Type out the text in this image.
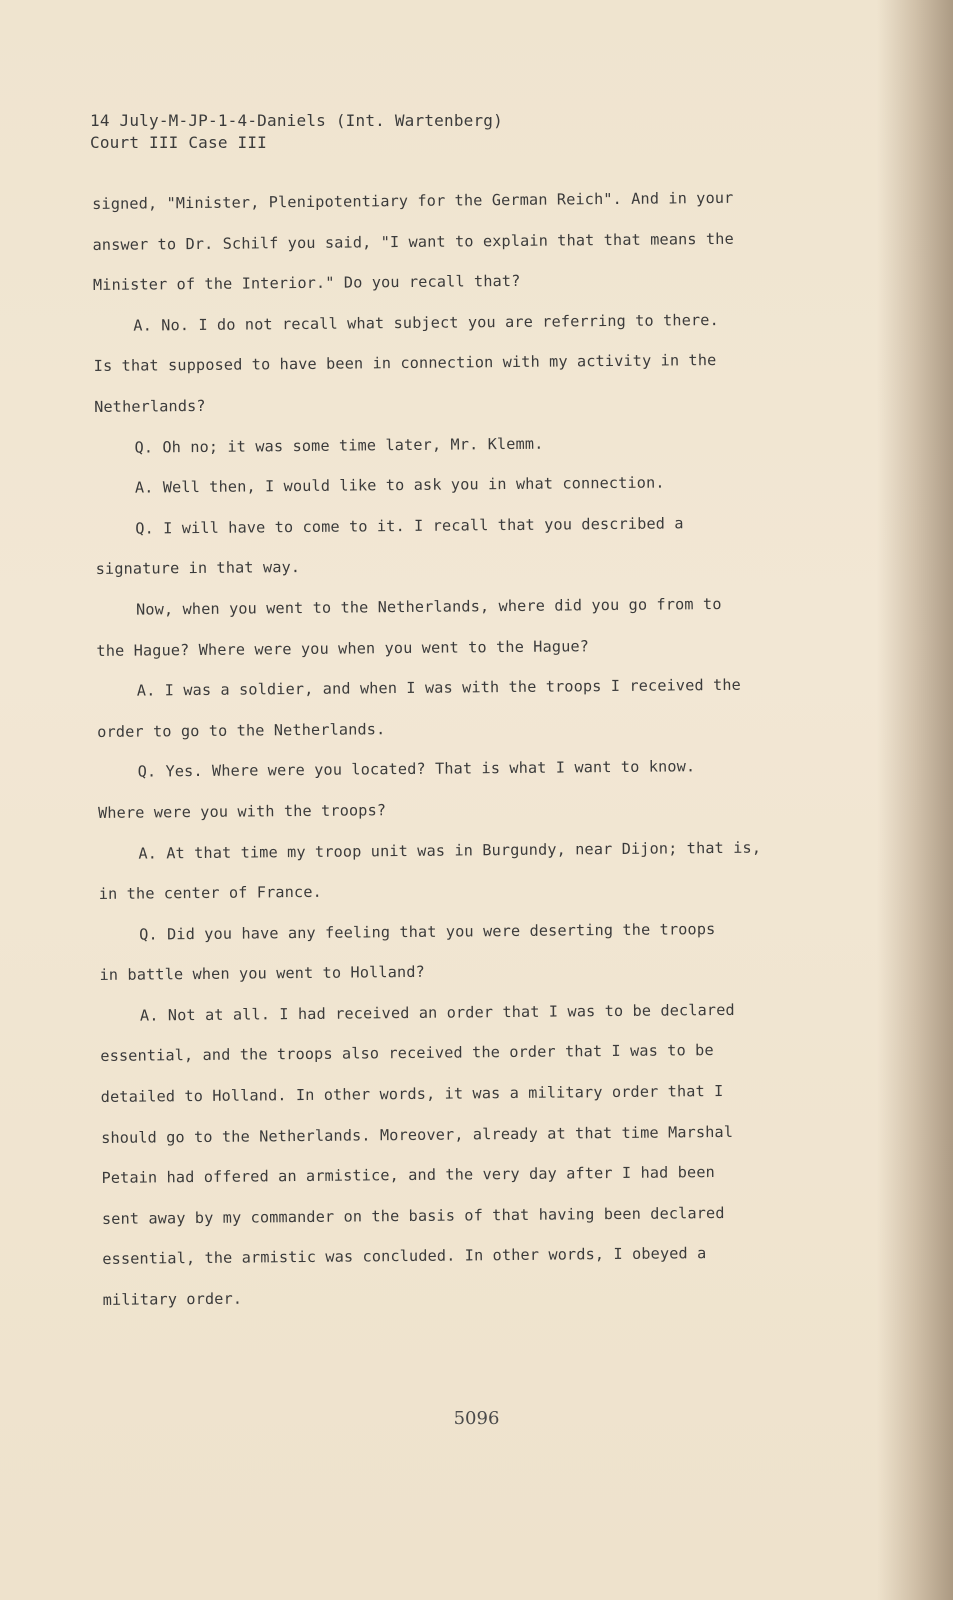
14 July-M-JP-1-4-Daniels (Int. Wartenberg)
Court III Case III
signed, "Minister, Plenipotentiary for the German Reich". And in your
answer to Dr. Schilf you said, "I want to explain that that means the
Minister of the Interior." Do you recall that?
A. No. I do not recall what subject you are referring to there.
Is that supposed to have been in connection with my activity in the
Netherlands?
Q. Oh no; it was some time later, Mr. Klemm.
A. Well then, I would like to ask you in what connection.
Q. I will have to come to it. I recall that you described a
signature in that way.
Now, when you went to the Netherlands, where did you go from to
the Hague? Where were you when you went to the Hague?
A. I was a soldier, and when I was with the troops I received the
order to go to the Netherlands.
Q. Yes. Where were you located? That is what I want to know.
Where were you with the troops?
A. At that time my troop unit was in Burgundy, near Dijon; that is,
in the center of France.
Q. Did you have any feeling that you were deserting the troops
in battle when you went to Holland?
A. Not at all. I had received an order that I was to be declared
essential, and the troops also received the order that I was to be
detailed to Holland. In other words, it was a military order that I
should go to the Netherlands. Moreover, already at that time Marshal
Petain had offered an armistice, and the very day after I had been
sent away by my commander on the basis of that having been declared
essential, the armistic was concluded. In other words, I obeyed a
military order.
5096
